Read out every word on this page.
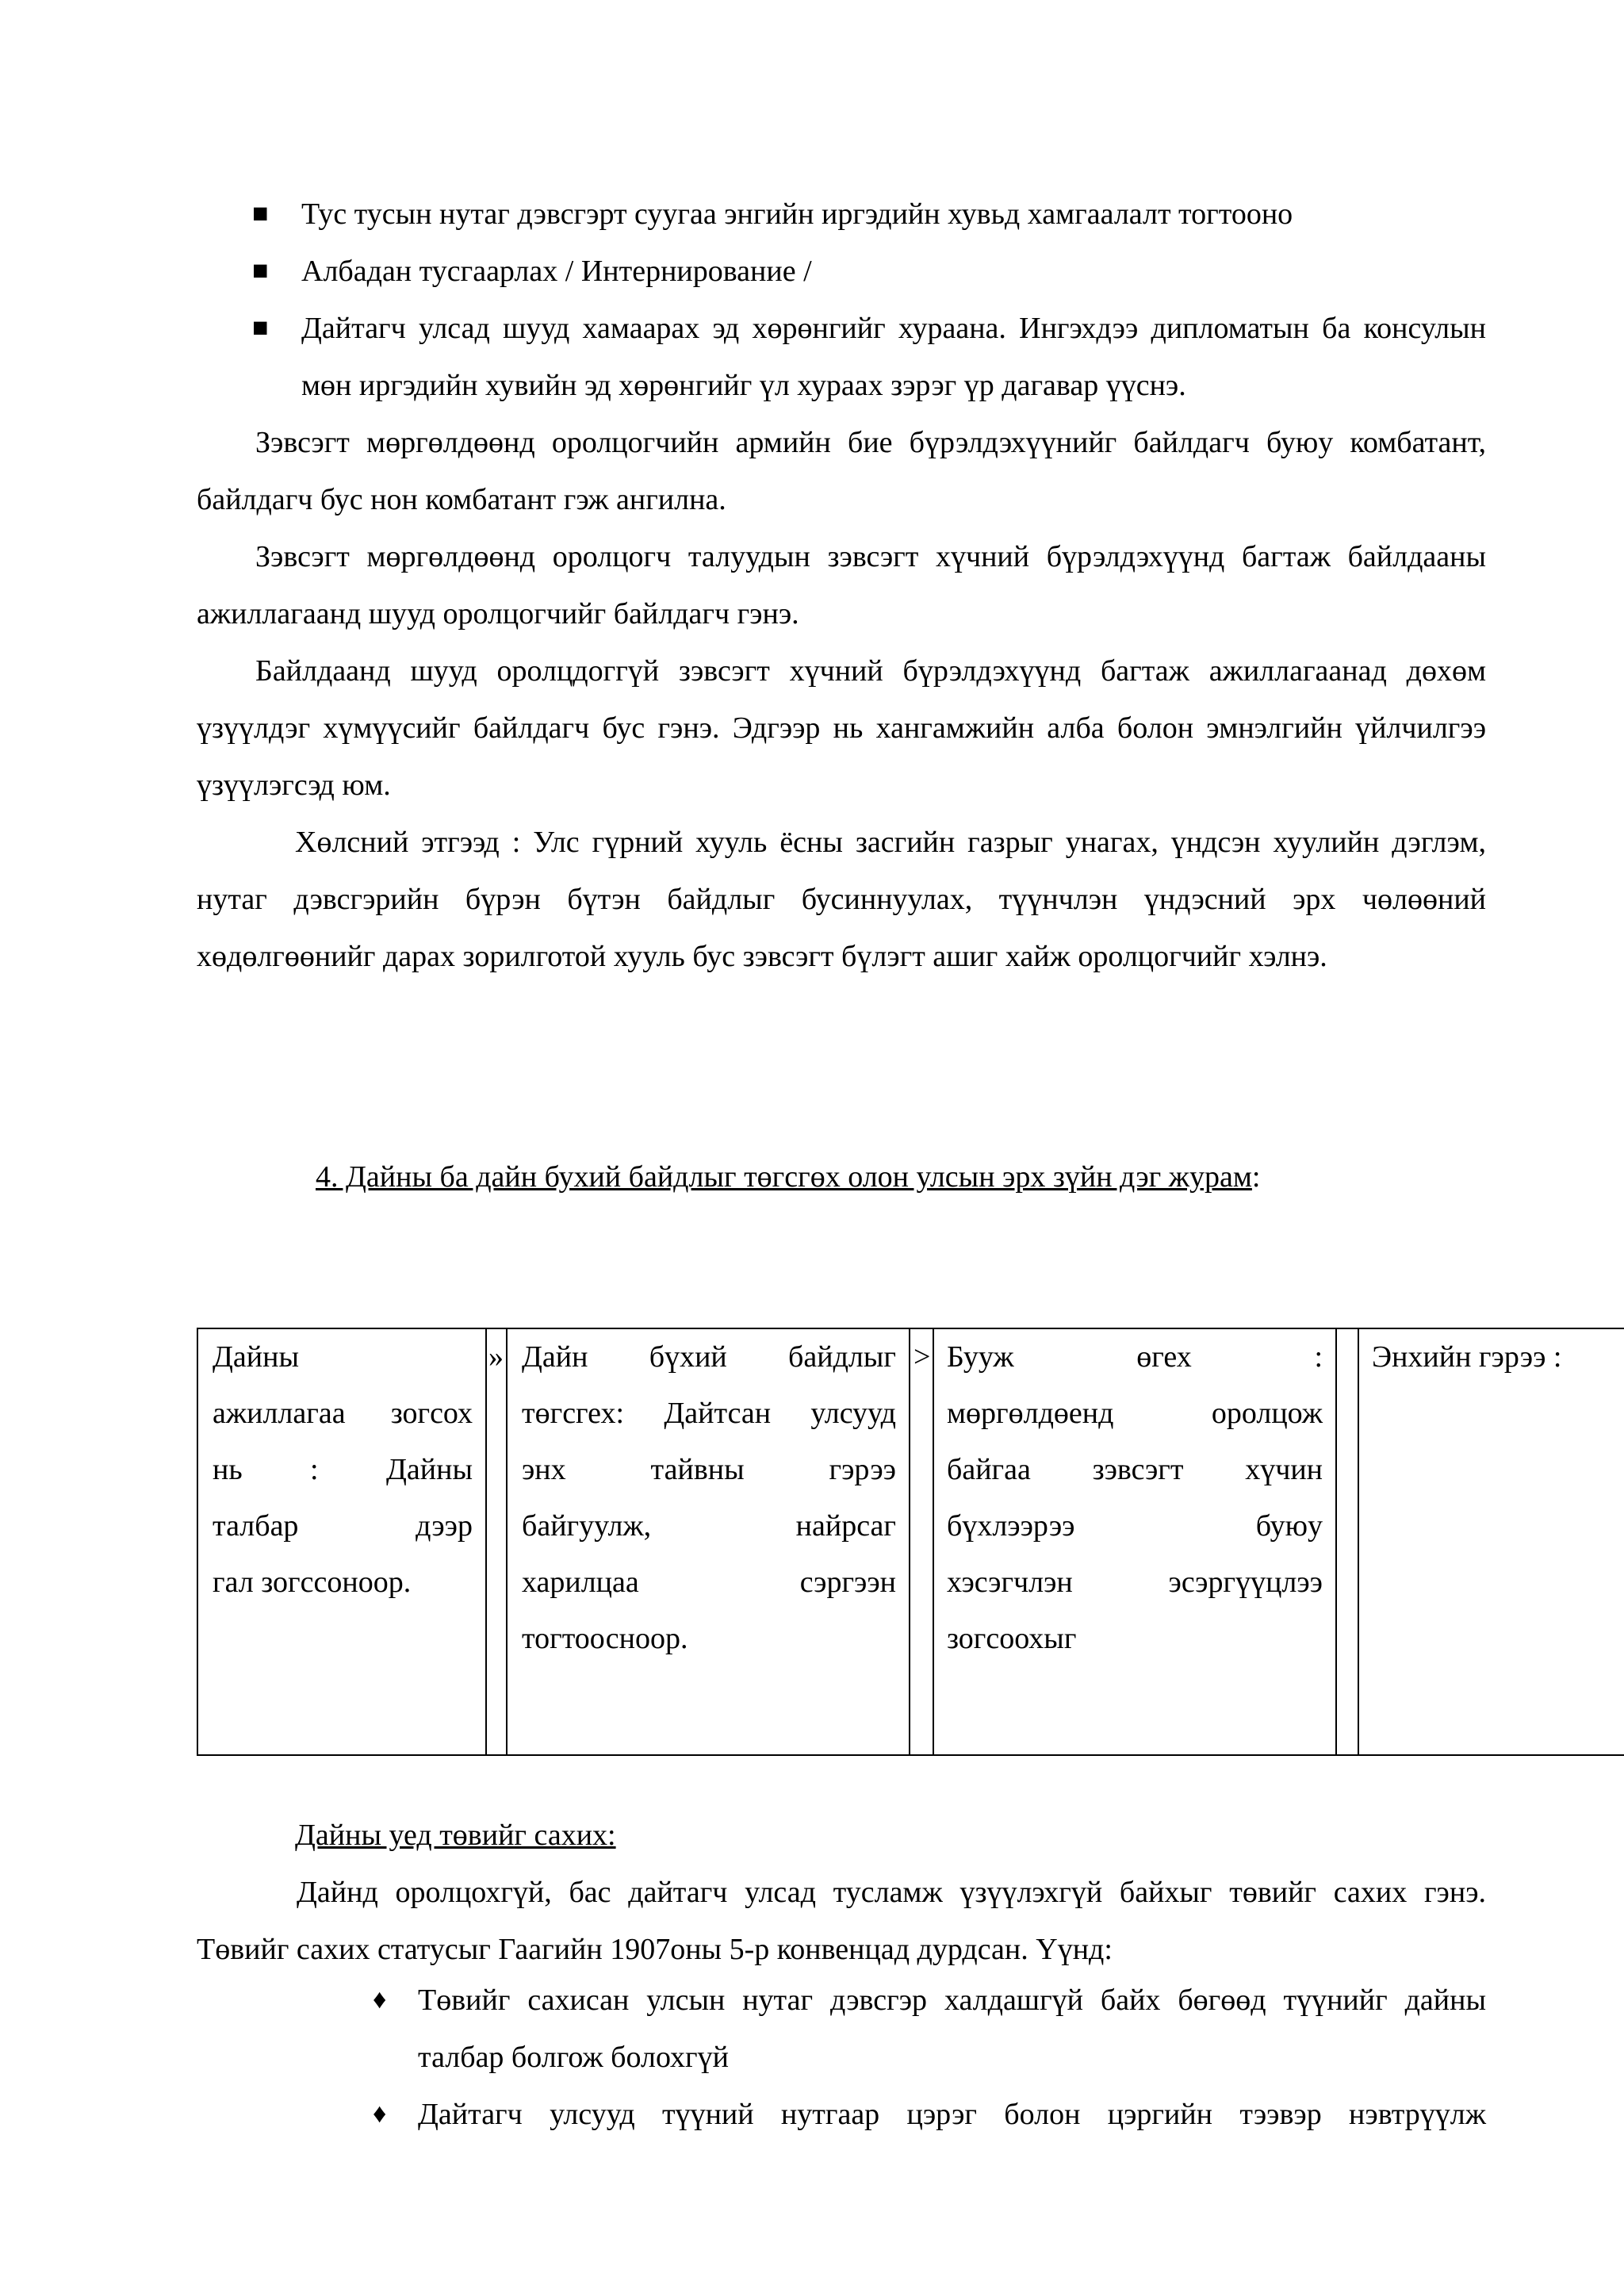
■ Тус тусын нутаг дэвсгэрт суугаа энгийн иргэдийн хувьд хамгаалалт тогтооно
■ Албадан тусгаарлах / Интернирование /
■ Дайтагч улсад шууд хамаарах эд хөрөнгийг хураана. Ингэхдээ дипломатын ба консулын мөн иргэдийн хувийн эд хөрөнгийг үл хураах зэрэг үр дагавар үүснэ.

Зэвсэгт мөргөлдөөнд оролцогчийн армийн бие бүрэлдэхүүнийг байлдагч буюу комбатант, байлдагч бус нон комбатант гэж ангилна.

Зэвсэгт мөргөлдөөнд оролцогч талуудын зэвсэгт хүчний бүрэлдэхүүнд багтаж байлдааны ажиллагаанд шууд оролцогчийг байлдагч гэнэ.

Байлдаанд шууд оролцдоггүй зэвсэгт хүчний бүрэлдэхүүнд багтаж ажиллагаанад дөхөм үзүүлдэг хүмүүсийг байлдагч бус гэнэ. Эдгээр нь хангамжийн алба болон эмнэлгийн үйлчилгээ үзүүлэгсэд юм.

Хөлсний этгээд : Улс гүрний хууль ёсны засгийн газрыг унагах, үндсэн хуулийн дэглэм, нутаг дэвсгэрийн бүрэн бүтэн байдлыг бусиннуулах, түүнчлэн үндэсний эрх чөлөөний хөдөлгөөнийг дарах зорилготой хууль бус зэвсэгт бүлэгт ашиг хайж оролцогчийг хэлнэ.

4. Дайны ба дайн бухий байдлыг төгсгөх олон улсын эрх зүйн дэг журам:

Дайны
ажиллагаа зогсох
нь : Дайны
талбар дээр
гал зогссоноор.
» Дайн бүхий байдлыг
төгсгех: Дайтсан улсууд
энх тайвны гэрээ
байгуулж, найрсаг
харилцаа сэргээн
тогтоосноор.
> Бууж өгех :
мөргөлдөенд оролцож
байгаа зэвсэгт хүчин
бүхлээрээ буюу
хэсэгчлэн эсэргүүцлээ
зогсоохыг
Энхийн гэрээ :

Дайны уед төвийг сахих:

Дайнд оролцохгүй, бас дайтагч улсад тусламж үзүүлэхгүй байхыг төвийг сахих гэнэ. Төвийг сахих статусыг Гаагийн 1907оны 5-р конвенцад дурдсан. Үүнд:

♦ Төвийг сахисан улсын нутаг дэвсгэр халдашгүй байх бөгөөд түүнийг дайны талбар болгож болохгүй
♦ Дайтагч улсууд түүний нутгаар цэрэг болон цэргийн тээвэр нэвтрүүлж
